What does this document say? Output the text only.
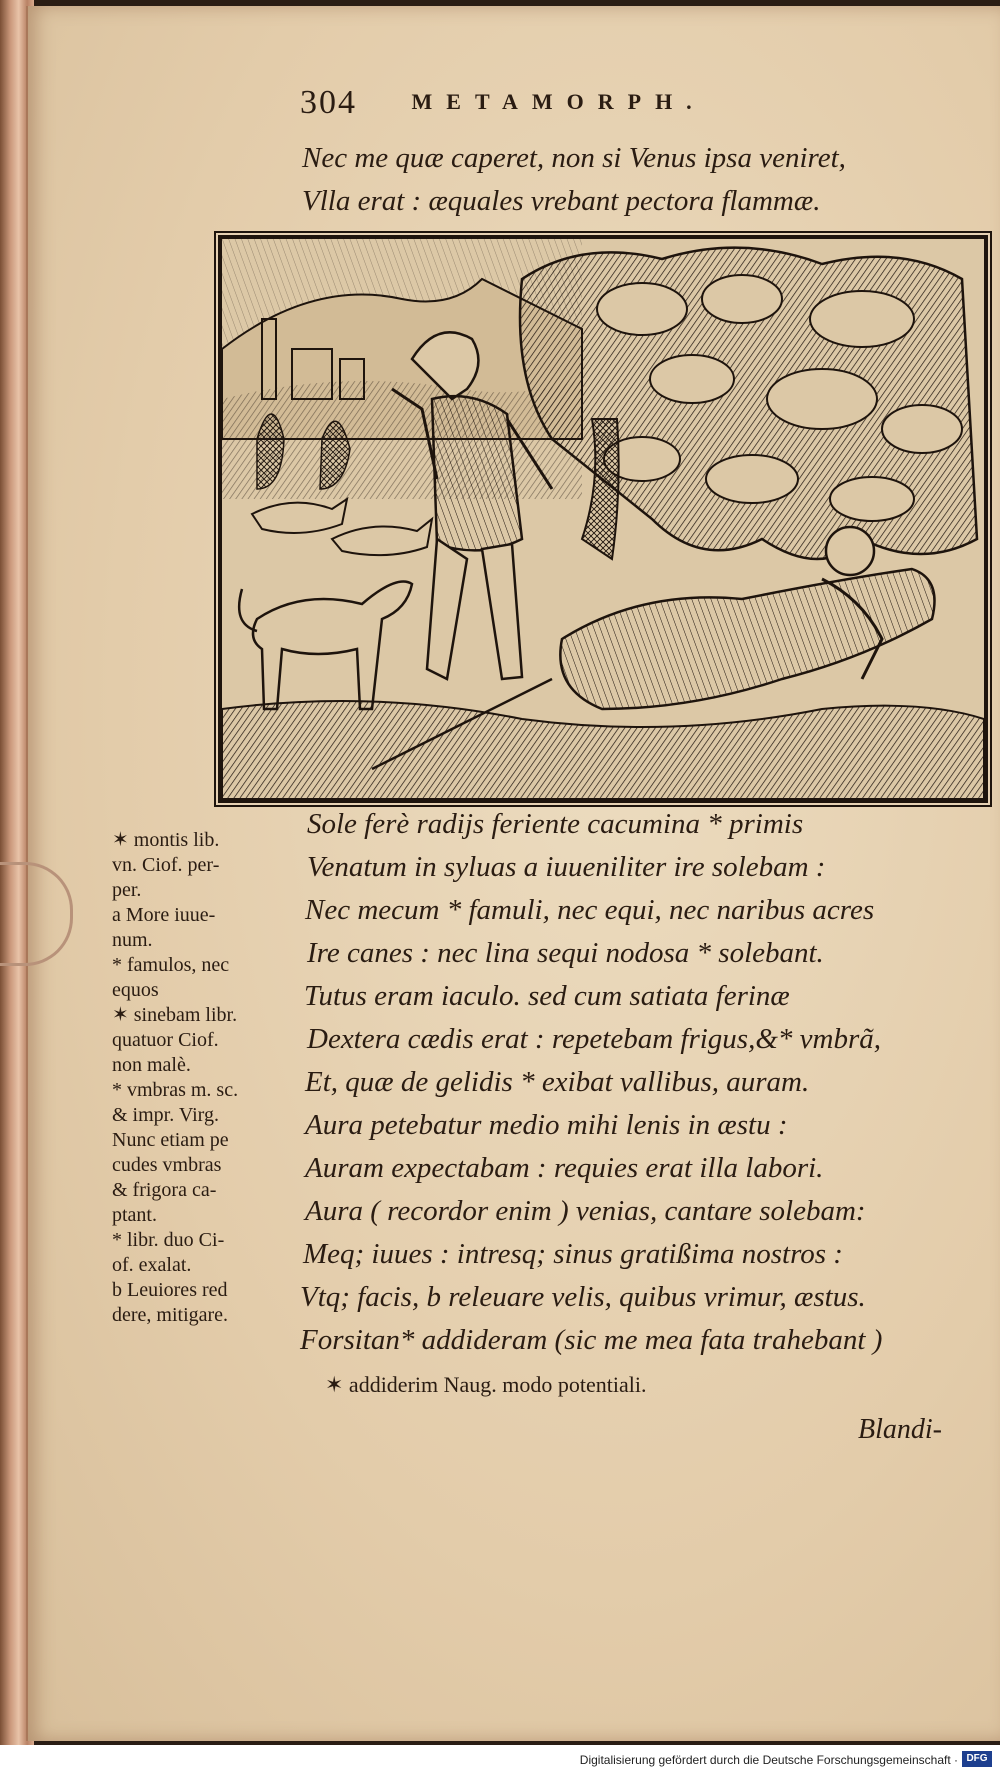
304 METAMORPH.
Nec me quæ caperet, non si Venus ipsa veniret,
Vlla erat : æquales vrebant pectora flammæ.
Sole ferè radijs feriente cacumina * primis
Venatum in syluas a iuueniliter ire solebam :
Nec mecum * famuli, nec equi, nec naribus acres
Ire canes : nec lina sequi nodosa * solebant.
Tutus eram iaculo. sed cum satiata ferinæ
Dextera cædis erat : repetebam frigus,&* vmbrã,
Et, quæ de gelidis * exibat vallibus, auram.
Aura petebatur medio mihi lenis in æstu :
Auram expectabam : requies erat illa labori.
Aura ( recordor enim ) venias, cantare solebam:
Meq; iuues : intresq; sinus gratißima nostros :
Vtq; facis, b releuare velis, quibus vrimur, æstus.
Forsitan* addideram (sic me mea fata trahebant )
✶ montis lib.
vn. Ciof. per-
per.
a More iuue-
num.
* famulos, nec
equos
✶ sinebam libr.
quatuor Ciof.
non malè.
* vmbras m. sc.
& impr. Virg.
Nunc etiam pe
cudes vmbras
& frigora ca-
ptant.
* libr. duo Ci-
of. exalat.
b Leuiores red
dere, mitigare.
✶ addiderim Naug. modo potentiali.
Blandi-
Digitalisierung gefördert durch die Deutsche Forschungsgemeinschaft · DFG
